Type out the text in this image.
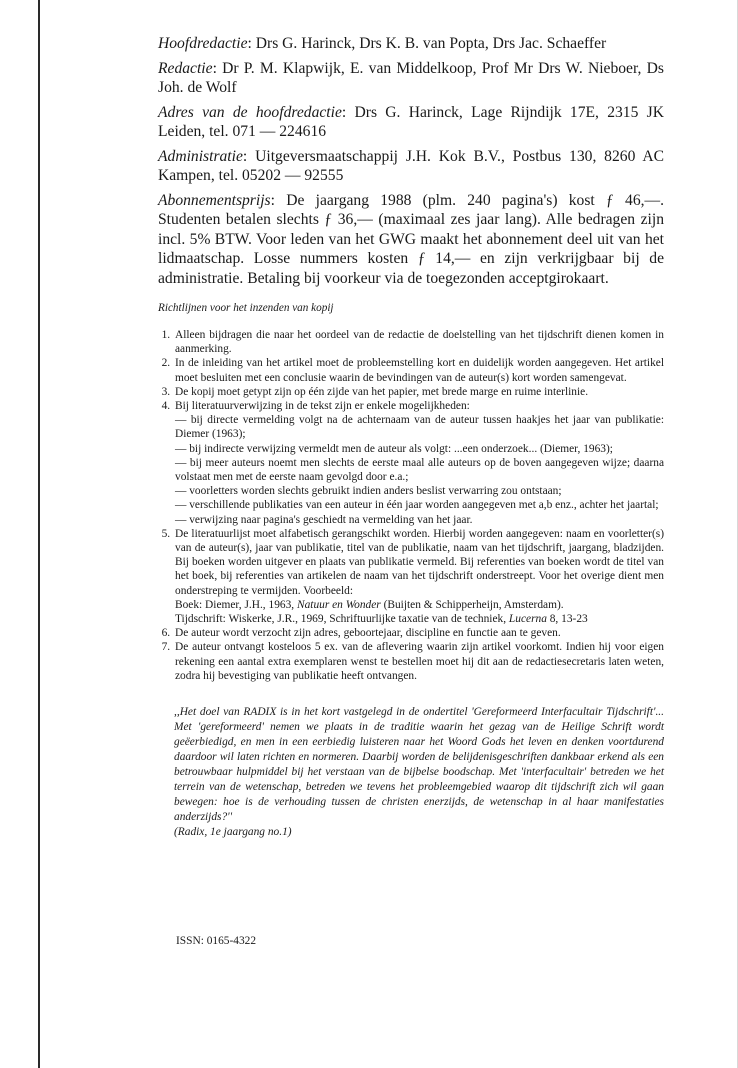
Hoofdredactie: Drs G. Harinck, Drs K. B. van Popta, Drs Jac. Schaeffer

Redactie: Dr P. M. Klapwijk, E. van Middelkoop, Prof Mr Drs W. Nieboer, Ds Joh. de Wolf

Adres van de hoofdredactie: Drs G. Harinck, Lage Rijndijk 17E, 2315 JK Leiden, tel. 071 — 224616

Administratie: Uitgeversmaatschappij J.H. Kok B.V., Postbus 130, 8260 AC Kampen, tel. 05202 — 92555

Abonnementsprijs: De jaargang 1988 (plm. 240 pagina's) kost ƒ 46,—. Studenten betalen slechts ƒ 36,— (maximaal zes jaar lang). Alle bedragen zijn incl. 5% BTW. Voor leden van het GWG maakt het abonnement deel uit van het lidmaatschap. Losse nummers kosten ƒ 14,— en zijn verkrijgbaar bij de administratie. Betaling bij voorkeur via de toegezonden acceptgirokaart.

Richtlijnen voor het inzenden van kopij
1. Alleen bijdragen die naar het oordeel van de redactie de doelstelling van het tijdschrift dienen komen in aanmerking.
2. In de inleiding van het artikel moet de probleemstelling kort en duidelijk worden aangegeven. Het artikel moet besluiten met een conclusie waarin de bevindingen van de auteur(s) kort worden samengevat.
3. De kopij moet getypt zijn op één zijde van het papier, met brede marge en ruime interlinie.
4. Bij literatuurverwijzing in de tekst zijn er enkele mogelijkheden:
— bij directe vermelding volgt na de achternaam van de auteur tussen haakjes het jaar van publikatie: Diemer (1963);
— bij indirecte verwijzing vermeldt men de auteur als volgt: ...een onderzoek... (Diemer, 1963);
— bij meer auteurs noemt men slechts de eerste maal alle auteurs op de boven aangegeven wijze; daarna volstaat men met de eerste naam gevolgd door e.a.;
— voorletters worden slechts gebruikt indien anders beslist verwarring zou ontstaan;
— verschillende publikaties van een auteur in één jaar worden aangegeven met a,b enz., achter het jaartal;
— verwijzing naar pagina's geschiedt na vermelding van het jaar.
5. De literatuurlijst moet alfabetisch gerangschikt worden. Hierbij worden aangegeven: naam en voorletter(s) van de auteur(s), jaar van publikatie, titel van de publikatie, naam van het tijdschrift, jaargang, bladzijden. Bij boeken worden uitgever en plaats van publikatie vermeld. Bij referenties van boeken wordt de titel van het boek, bij referenties van artikelen de naam van het tijdschrift onderstreept. Voor het overige dient men onderstreping te vermijden. Voorbeeld:
Boek: Diemer, J.H., 1963, Natuur en Wonder (Buijten & Schipperheijn, Amsterdam).
Tijdschrift: Wiskerke, J.R., 1969, Schriftuurlijke taxatie van de techniek, Lucerna 8, 13-23
6. De auteur wordt verzocht zijn adres, geboortejaar, discipline en functie aan te geven.
7. De auteur ontvangt kosteloos 5 ex. van de aflevering waarin zijn artikel voorkomt. Indien hij voor eigen rekening een aantal extra exemplaren wenst te bestellen moet hij dit aan de redactiesecretaris laten weten, zodra hij bevestiging van publikatie heeft ontvangen.
,,Het doel van RADIX is in het kort vastgelegd in de ondertitel 'Gereformeerd Interfacultair Tijdschrift'... Met 'gereformeerd' nemen we plaats in de traditie waarin het gezag van de Heilige Schrift wordt geëerbiedigd, en men in een eerbiedig luisteren naar het Woord Gods het leven en denken voortdurend daardoor wil laten richten en normeren. Daarbij worden de belijdenisgeschriften dankbaar erkend als een betrouwbaar hulpmiddel bij het verstaan van de bijbelse boodschap. Met 'interfacultair' betreden we het terrein van de wetenschap, betreden we tevens het probleemgebied waarop dit tijdschrift zich wil gaan bewegen: hoe is de verhouding tussen de christen enerzijds, de wetenschap in al haar manifestaties anderzijds?''
(Radix, 1e jaargang no.1)
ISSN: 0165-4322
